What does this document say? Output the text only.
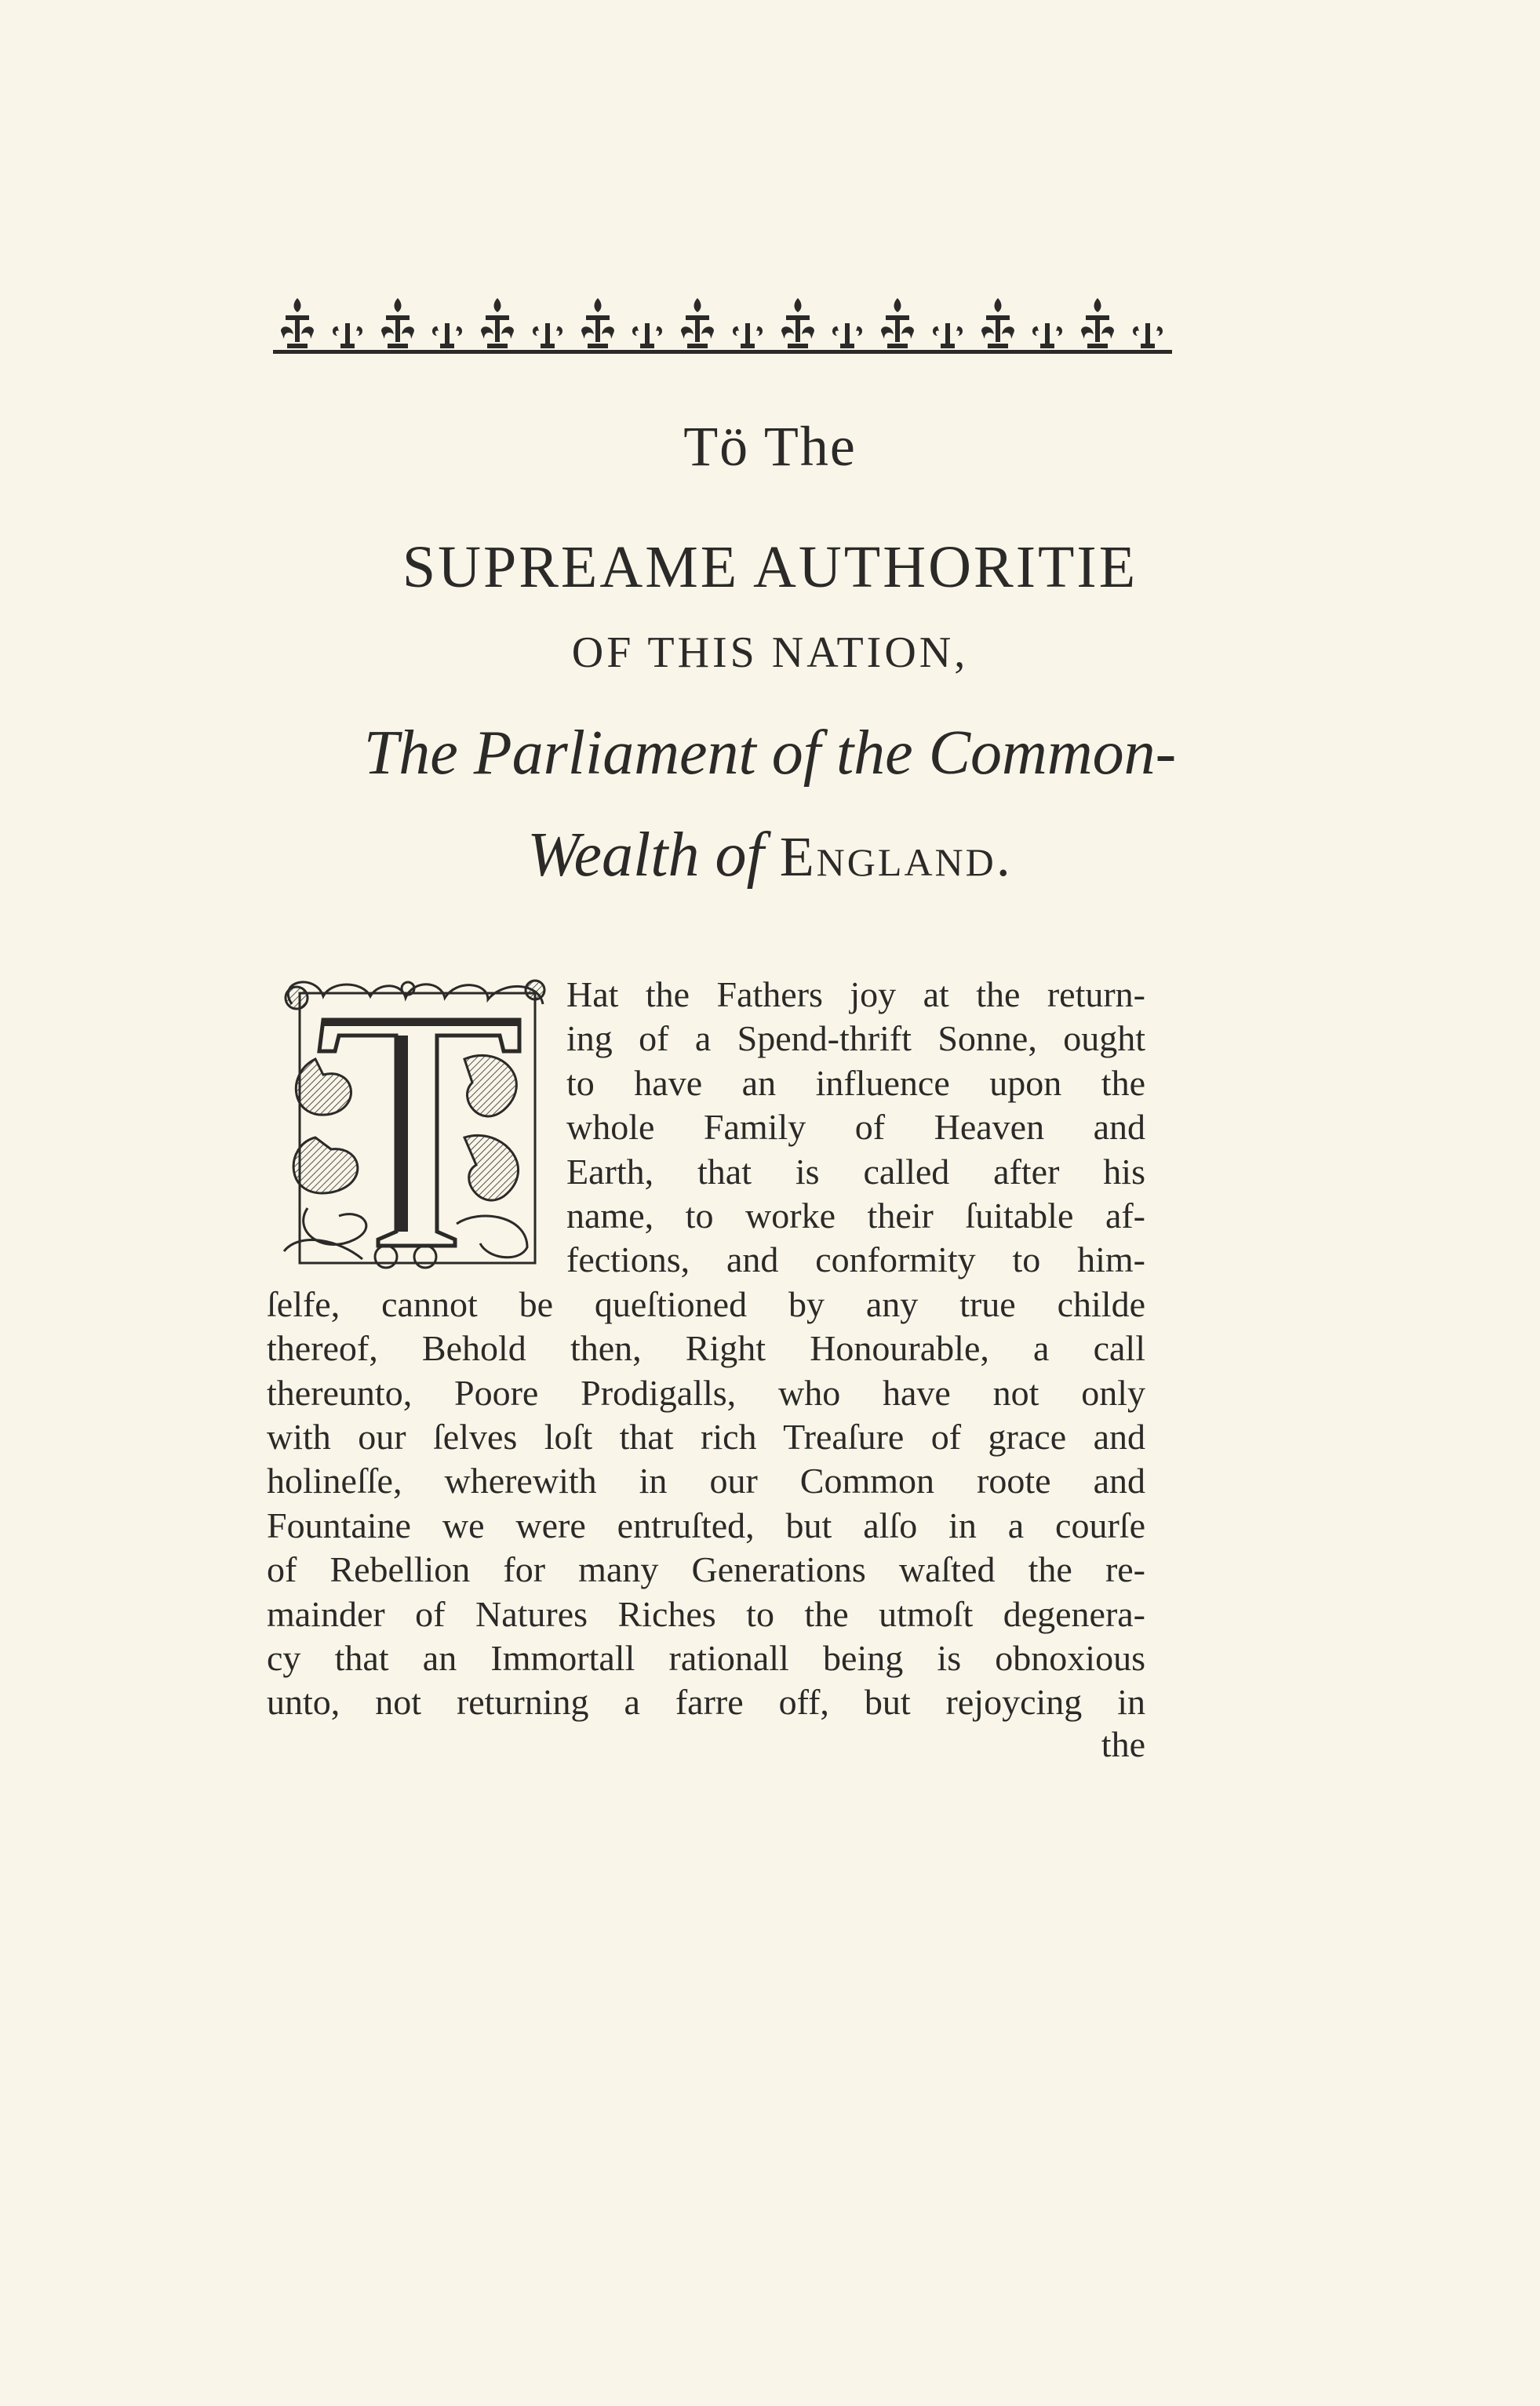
Tö The
SUPREAME AUTHORITIE
OF THIS NATION,
The Parliament of the Common-
Wealth of England.

Hat the Fathers joy at the return-

ing of a Spend-thrift Sonne, ought

to have an influence upon the

whole Family of Heaven and

Earth, that is called after his

name, to worke their ſuitable af-

fections, and conformity to him-

ſelfe, cannot be queſtioned by any true childe

thereof, Behold then, Right Honourable, a call

thereunto, Poore Prodigalls, who have not only

with our ſelves loſt that rich Treaſure of grace and

holineſſe, wherewith in our Common roote and

Fountaine we were entruſted, but alſo in a courſe

of Rebellion for many Generations waſted the re-

mainder of Natures Riches to the utmoſt degenera-

cy that an Immortall rationall being is obnoxious

unto, not returning a farre off, but rejoycing in

the
